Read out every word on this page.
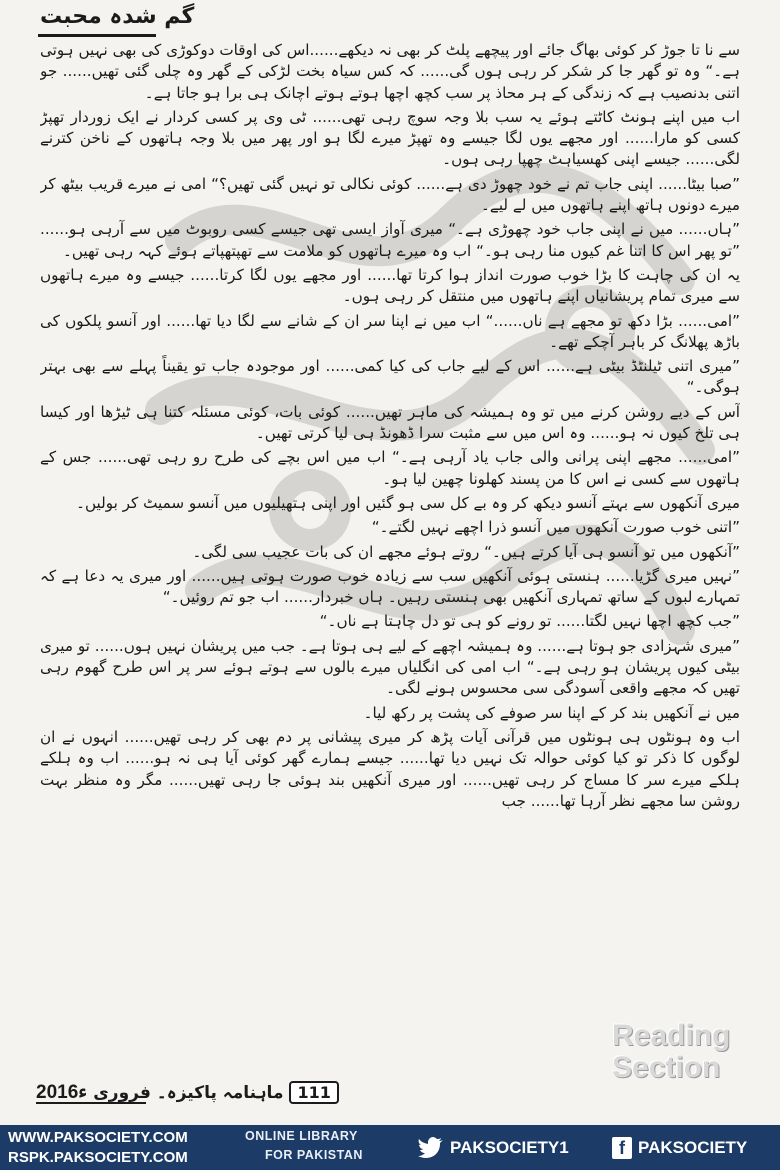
گم شدہ محبت

سے نا تا جوڑ کر کوئی بھاگ جائے اور پیچھے پلٹ کر بھی نہ دیکھے......اس کی اوقات دوکوڑی کی بھی نہیں ہوتی ہے۔“ وہ تو گھر جا کر شکر کر رہی ہوں گی...... کہ کس سیاہ بخت لڑکی کے گھر وہ چلی گئی تھیں...... جو اتنی بدنصیب ہے کہ زندگی کے ہر محاذ پر سب کچھ اچھا ہوتے ہوتے اچانک ہی برا ہو جاتا ہے۔

اب میں اپنے ہونٹ کاٹتے ہوئے یہ سب بلا وجہ سوچ رہی تھی...... ٹی وی پر کسی کردار نے ایک زوردار تھپڑ کسی کو مارا...... اور مجھے یوں لگا جیسے وہ تھپڑ میرے لگا ہو اور پھر میں بلا وجہ ہاتھوں کے ناخن کترنے لگی...... جیسے اپنی کھسیاہٹ چھپا رہی ہوں۔

”صبا بیٹا...... اپنی جاب تم نے خود چھوڑ دی ہے...... کوئی نکالی تو نہیں گئی تھیں؟“ امی نے میرے قریب بیٹھ کر میرے دونوں ہاتھ اپنے ہاتھوں میں لے لیے۔

”ہاں...... میں نے اپنی جاب خود چھوڑی ہے۔“ میری آواز ایسی تھی جیسے کسی روبوٹ میں سے آرہی ہو...... ”تو پھر اس کا اتنا غم کیوں منا رہی ہو۔“ اب وہ میرے ہاتھوں کو ملامت سے تھپتھپاتے ہوئے کہہ رہی تھیں۔

یہ ان کی چاہت کا بڑا خوب صورت انداز ہوا کرتا تھا...... اور مجھے یوں لگا کرتا...... جیسے وہ میرے ہاتھوں سے میری تمام پریشانیاں اپنے ہاتھوں میں منتقل کر رہی ہوں۔

”امی...... بڑا دکھ تو مجھے ہے ناں......“ اب میں نے اپنا سر ان کے شانے سے لگا دیا تھا...... اور آنسو پلکوں کی باڑھ پھلانگ کر باہر آچکے تھے۔

”میری اتنی ٹیلنٹڈ بیٹی ہے...... اس کے لیے جاب کی کیا کمی...... اور موجودہ جاب تو یقیناً پہلے سے بھی بہتر ہوگی۔“

آس کے دیے روشن کرنے میں تو وہ ہمیشہ کی ماہر تھیں...... کوئی بات، کوئی مسئلہ کتنا ہی ٹیڑھا اور کیسا ہی تلخ کیوں نہ ہو...... وہ اس میں سے مثبت سرا ڈھونڈ ہی لیا کرتی تھیں۔

”امی...... مجھے اپنی پرانی والی جاب یاد آرہی ہے۔“ اب میں اس بچے کی طرح رو رہی تھی...... جس کے ہاتھوں سے کسی نے اس کا من پسند کھلونا چھین لیا ہو۔

میری آنکھوں سے بہتے آنسو دیکھ کر وہ بے کل سی ہو گئیں اور اپنی ہتھیلیوں میں آنسو سمیٹ کر بولیں۔

”اتنی خوب صورت آنکھوں میں آنسو ذرا اچھے نہیں لگتے۔“

”آنکھوں میں تو آنسو ہی آیا کرتے ہیں۔“ روتے ہوئے مجھے ان کی بات عجیب سی لگی۔

”نہیں میری گڑیا...... ہنستی ہوئی آنکھیں سب سے زیادہ خوب صورت ہوتی ہیں...... اور میری یہ دعا ہے کہ تمہارے لبوں کے ساتھ تمہاری آنکھیں بھی ہنستی رہیں۔ ہاں خبردار...... اب جو تم روئیں۔“

”جب کچھ اچھا نہیں لگتا...... تو رونے کو ہی تو دل چاہتا ہے ناں۔“

”میری شہزادی جو ہوتا ہے...... وہ ہمیشہ اچھے کے لیے ہی ہوتا ہے۔ جب میں پریشان نہیں ہوں...... تو میری بیٹی کیوں پریشان ہو رہی ہے۔“ اب امی کی انگلیاں میرے بالوں سے ہوتے ہوئے سر پر اس طرح گھوم رہی تھیں کہ مجھے واقعی آسودگی سی محسوس ہونے لگی۔

میں نے آنکھیں بند کر کے اپنا سر صوفے کی پشت پر رکھ لیا۔

اب وہ ہونٹوں ہی ہونٹوں میں قرآنی آیات پڑھ کر میری پیشانی پر دم بھی کر رہی تھیں...... انہوں نے ان لوگوں کا ذکر تو کیا کوئی حوالہ تک نہیں دیا تھا...... جیسے ہمارے گھر کوئی آیا ہی نہ ہو...... اب وہ ہلکے ہلکے میرے سر کا مساج کر رہی تھیں...... اور میری آنکھیں بند ہوئی جا رہی تھیں...... مگر وہ منظر بہت روشن سا مجھے نظر آرہا تھا...... جب

Reading
Section
2016ء ماہنامہ پاکیزہ۔ فروری 111
WWW.PAKSOCIETY.COM
RSPK.PAKSOCIETY.COM
ONLINE LIBRARY
FOR PAKISTAN	PAKSOCIETY1	f PAKSOCIETY
